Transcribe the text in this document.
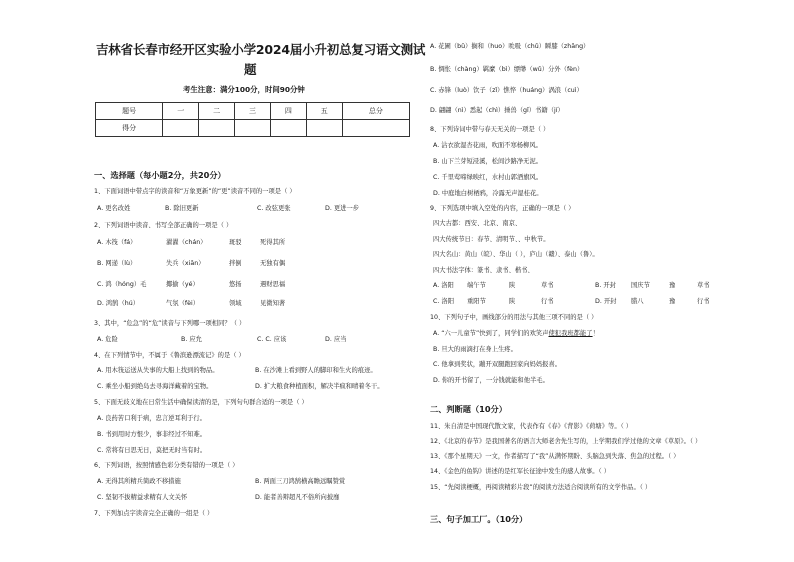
吉林省长春市经开区实验小学2024届小升初总复习语文测试
题
考生注意：满分100分，时间90分钟
题号	一	二	三	四	五	总分
得分						
一、选择题（每小题2分，共20分）
1、下面词语中带点字的读音和“万象更新”的“更”读音不同的一项是（ ）
A. 更名改姓	B. 除旧更新	C. 改弦更张	D. 更进一步
2、下列词语中读音、书写全部正确的一项是（ ）
A. 木筏（fá）	濯濯（chán）	斑驳	死得其所
B. 网递（lù）	失兵（xiān）	拌倒	无独有偶
C. 鸿（hóng）毛	揶揄（yé）	悠扬	遇财思福
D. 鸿鹄（hú）	气氛（fèi）	领域	见微知著
3、其中，“危急”的“危”读音与下列哪一项相同？（ ）
A. 危险	B. 应允	C. C. 应该	D. 应当
4、在下列情节中，不属于《鲁滨逊漂流记》的是（ ）
A. 用木筏运送从失事的大船上找到的物品。	B. 在沙滩上看到野人的脚印和生火的痕迹。
C. 乘坐小船到绝岛去寻海洋藏着的宝物。	D. 扩大粮食种植面积，解决半疯和晴着冬干。
5、下面无歧义地在日常生活中确保读清的是，下列句句群合适的一项是（ ）
A. 良药苦口利于病，忠言逆耳利于行。
B. 书到用时方恨少，事非经过不知难。
C. 常将有日思无日，莫把无时当有时。
6、下列词语，按照情感色彩分类有错的一项是（ ）
A. 无得其所精兵简政不移措施	B. 两面三刀鸿鹄横高瞻远瞩赞赏
C. 坚韧不拔精益求精有人文关怀	D. 能者善辩超凡不俗所向披靡
7、下列加点字读音完全正确的一组是（ ）
A. 花圃（bǔ）搁和（huo）吮吸（chǔ）瞬膝（zhāng）
B. 惆怅（chàng）羁縻（bì）缥缈（wǔ）分外（fèn）
C. 赤锋（luò）饮子（zǐ）憔悴（huáng）涡浪（cuì）
D. 翩翩（nì）悉起（chì）捶兽（gǐ）书籍（jí）
8、下列诗词中带与春天无关的一项是（ ）
A. 沾衣欲湿杏花雨，吹面不寒杨柳风。
B. 山下兰芽短浸溪，松间沙路净无泥。
C. 千里莺啼绿映红，水村山郭酒旗风。
D. 中庭地白树栖鸦，冷露无声湿桂花。
9、下列选项中填入空处的内容，正确的一项是（ ）
四大古都：西安、北京、南京、
四大传统节日：春节、清明节、、中秋节。
四大名山：黄山（皖）、华山（ ），庐山（赣）、泰山（鲁）。
四大书法字体：篆书、隶书、楷书、
A. 洛阳 端午节	陕	草书	B. 开封 国庆节	豫	草书
C. 洛阳 重阳节	陕	行书	D. 开封 腊八	豫	行书
10、下列句子中，画线部分的用法与其他三项不同的是（ ）
A. “六一儿童节”快到了，同学们的欢笑声使犯我班都能了！
B. 旦大的雨滴打在身上生疼。
C. 他拿到奖状，蹦开双腿跑回家向妈妈报喜。
D. 你的开书留了，一分钱就能和他半毛。
二、判断题（10分）
11、朱自清是中国现代散文家，代表作有《春》《背影》《荷塘》等。（ ）
12、《北京的春节》是我国著名的语言大师老舍先生写的，上学期我们学过他的文章《草原》。（ ）
13、《那个星期天》一文，作者描写了“我”从满怀期盼、头脑急到失落、焦急的过程。（ ）
14、《金色的鱼钩》讲述的是红军长征途中发生的感人故事。（ ）
15、“先阅读梗概，再阅读精彩片段”的阅读方法适合阅读所有的文学作品。（ ）
三、句子加工厂。（10分）
